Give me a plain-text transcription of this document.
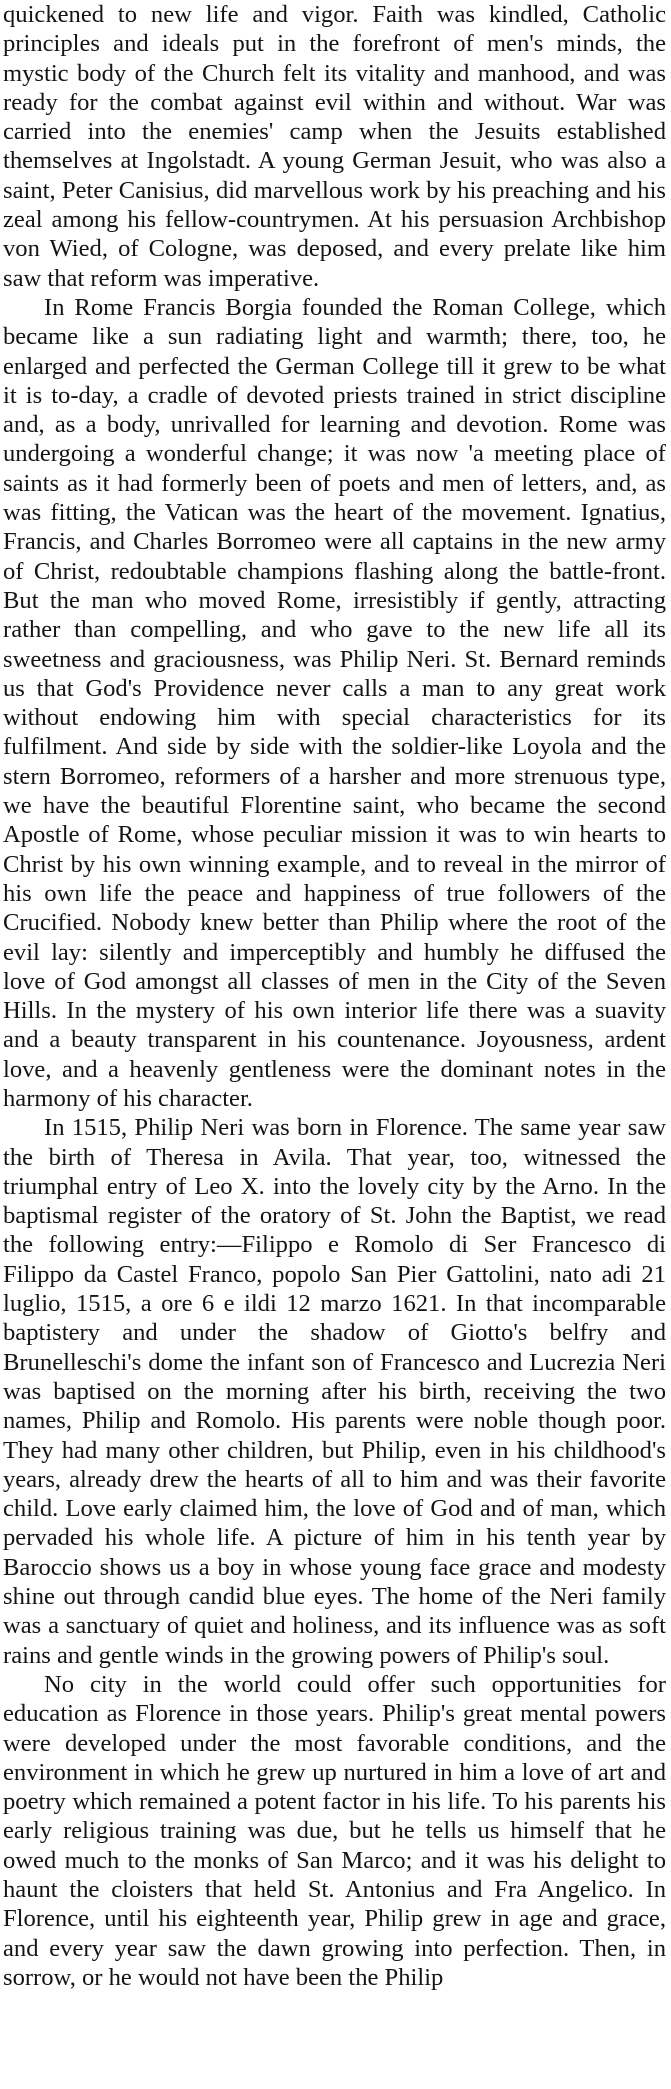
quickened to new life and vigor. Faith was kindled, Catholic principles and ideals put in the forefront of men's minds, the mystic body of the Church felt its vitality and manhood, and was ready for the combat against evil within and without. War was carried into the enemies' camp when the Jesuits established themselves at Ingolstadt. A young German Jesuit, who was also a saint, Peter Canisius, did marvellous work by his preaching and his zeal among his fellow-countrymen. At his persuasion Archbishop von Wied, of Cologne, was deposed, and every prelate like him saw that reform was imperative.

In Rome Francis Borgia founded the Roman College, which became like a sun radiating light and warmth; there, too, he enlarged and perfected the German College till it grew to be what it is to-day, a cradle of devoted priests trained in strict discipline and, as a body, unrivalled for learning and devotion. Rome was undergoing a wonderful change; it was now 'a meeting place of saints as it had formerly been of poets and men of letters, and, as was fitting, the Vatican was the heart of the movement. Ignatius, Francis, and Charles Borromeo were all captains in the new army of Christ, redoubtable champions flashing along the battle-front. But the man who moved Rome, irresistibly if gently, attracting rather than compelling, and who gave to the new life all its sweetness and graciousness, was Philip Neri. St. Bernard reminds us that God's Providence never calls a man to any great work without endowing him with special characteristics for its fulfilment. And side by side with the soldier-like Loyola and the stern Borromeo, reformers of a harsher and more strenuous type, we have the beautiful Florentine saint, who became the second Apostle of Rome, whose peculiar mission it was to win hearts to Christ by his own winning example, and to reveal in the mirror of his own life the peace and happiness of true followers of the Crucified. Nobody knew better than Philip where the root of the evil lay: silently and imperceptibly and humbly he diffused the love of God amongst all classes of men in the City of the Seven Hills. In the mystery of his own interior life there was a suavity and a beauty transparent in his countenance. Joyousness, ardent love, and a heavenly gentleness were the dominant notes in the harmony of his character.

In 1515, Philip Neri was born in Florence. The same year saw the birth of Theresa in Avila. That year, too, witnessed the triumphal entry of Leo X. into the lovely city by the Arno. In the baptismal register of the oratory of St. John the Baptist, we read the following entry:—Filippo e Romolo di Ser Francesco di Filippo da Castel Franco, popolo San Pier Gattolini, nato adi 21 luglio, 1515, a ore 6 e ildi 12 marzo 1621. In that incomparable baptistery and under the shadow of Giotto's belfry and Brunelleschi's dome the infant son of Francesco and Lucrezia Neri was baptised on the morning after his birth, receiving the two names, Philip and Romolo. His parents were noble though poor. They had many other children, but Philip, even in his childhood's years, already drew the hearts of all to him and was their favorite child. Love early claimed him, the love of God and of man, which pervaded his whole life. A picture of him in his tenth year by Baroccio shows us a boy in whose young face grace and modesty shine out through candid blue eyes. The home of the Neri family was a sanctuary of quiet and holiness, and its influence was as soft rains and gentle winds in the growing powers of Philip's soul.

No city in the world could offer such opportunities for education as Florence in those years. Philip's great mental powers were developed under the most favorable conditions, and the environment in which he grew up nurtured in him a love of art and poetry which remained a potent factor in his life. To his parents his early religious training was due, but he tells us himself that he owed much to the monks of San Marco; and it was his delight to haunt the cloisters that held St. Antonius and Fra Angelico. In Florence, until his eighteenth year, Philip grew in age and grace, and every year saw the dawn growing into perfection. Then, in sorrow, or he would not have been the Philip
